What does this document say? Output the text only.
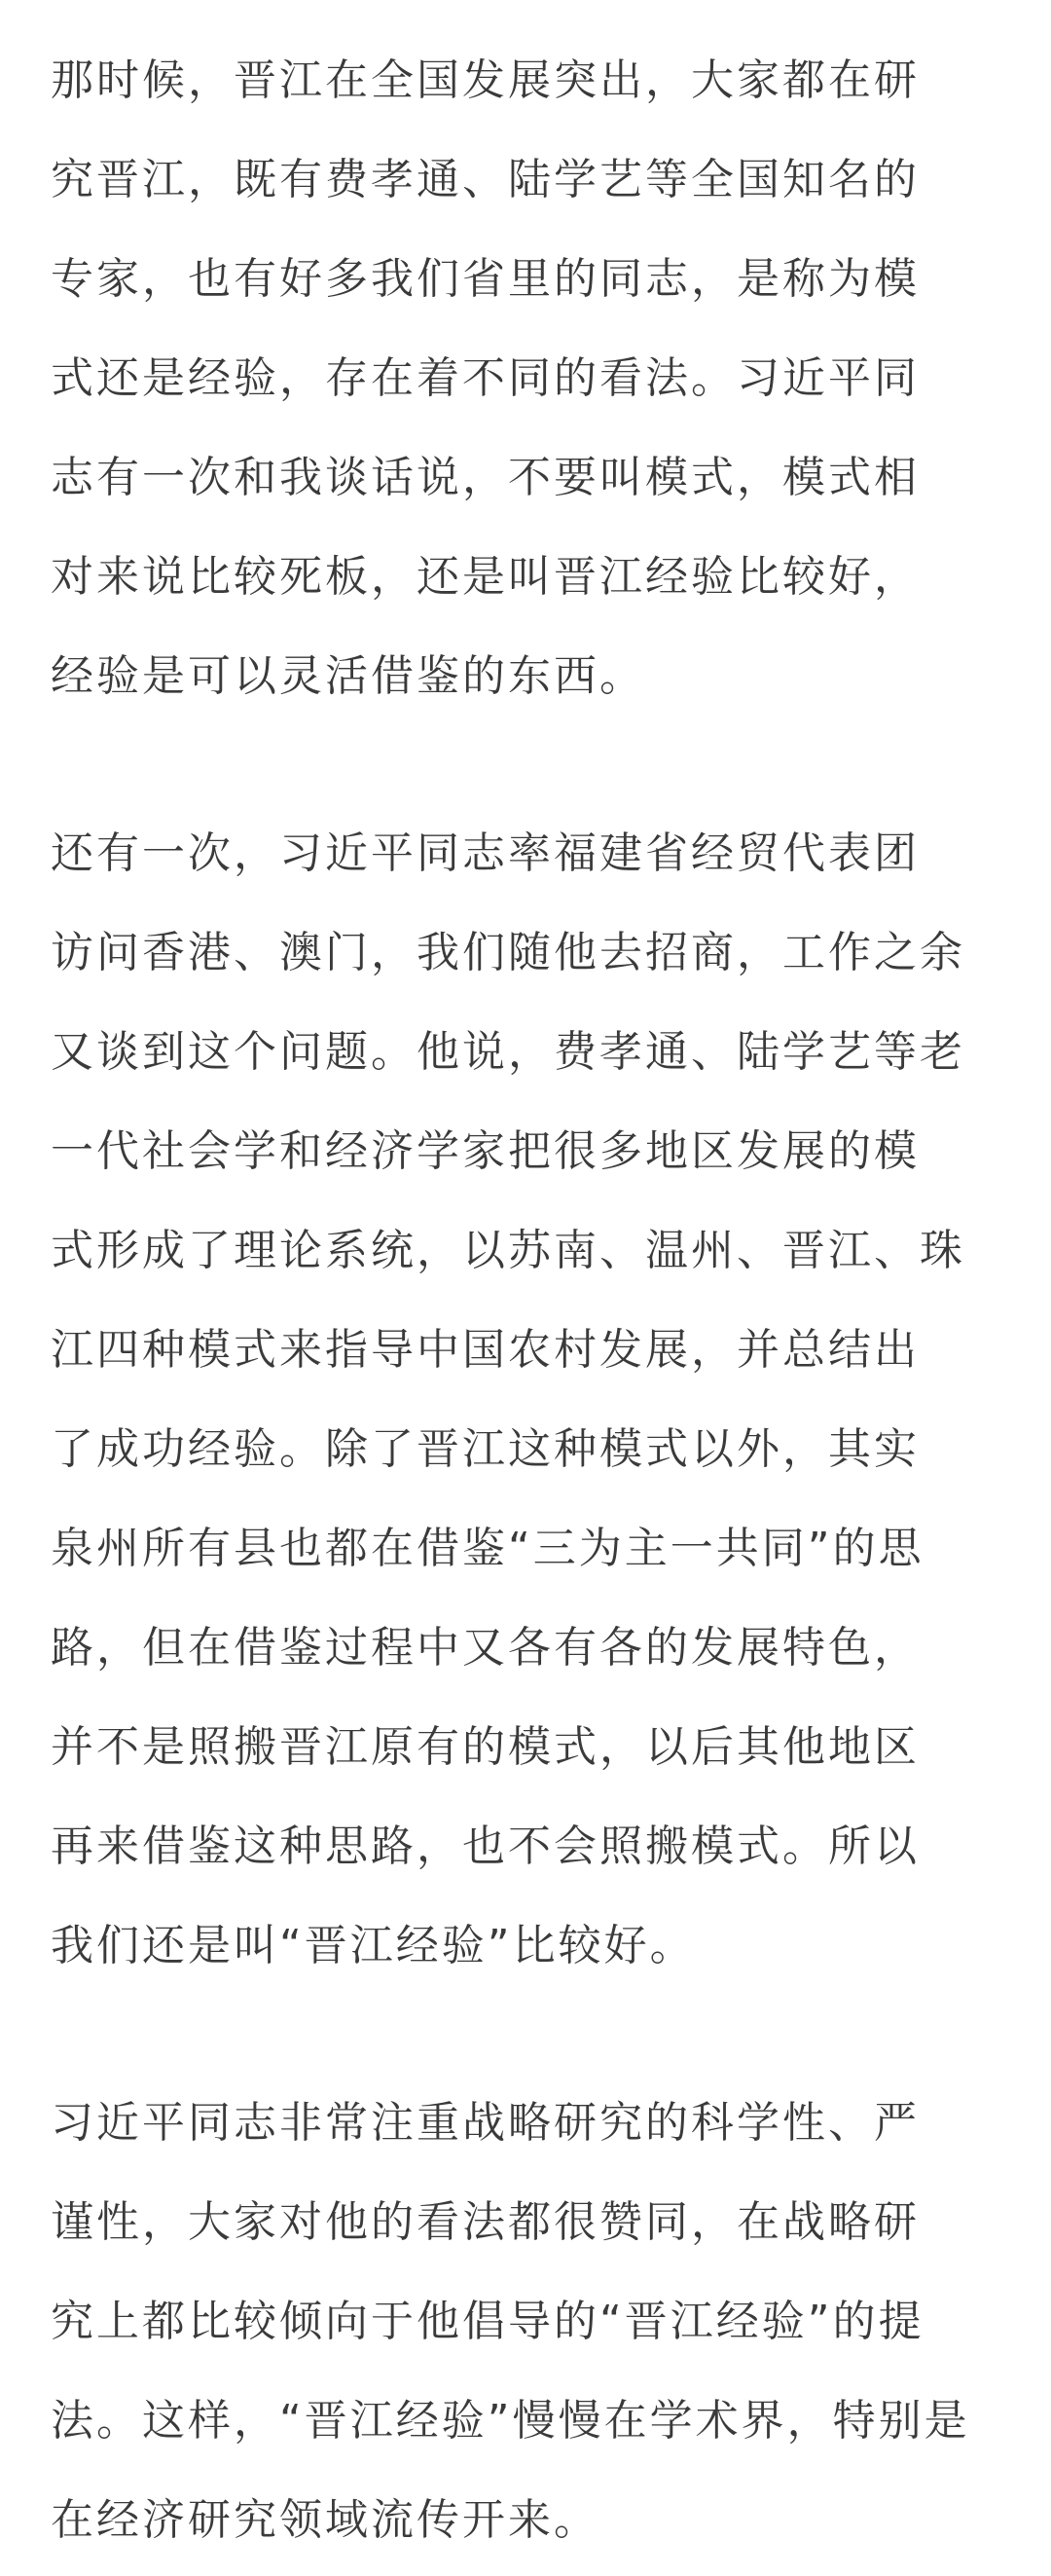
那时候，晋江在全国发展突出，大家都在研
究晋江，既有费孝通、陆学艺等全国知名的
专家，也有好多我们省里的同志，是称为模
式还是经验，存在着不同的看法。习近平同
志有一次和我谈话说，不要叫模式，模式相
对来说比较死板，还是叫晋江经验比较好，
经验是可以灵活借鉴的东西。

还有一次，习近平同志率福建省经贸代表团
访问香港、澳门，我们随他去招商，工作之余
又谈到这个问题。他说，费孝通、陆学艺等老
一代社会学和经济学家把很多地区发展的模
式形成了理论系统，以苏南、温州、晋江、珠
江四种模式来指导中国农村发展，并总结出
了成功经验。除了晋江这种模式以外，其实
泉州所有县也都在借鉴“三为主一共同”的思
路，但在借鉴过程中又各有各的发展特色，
并不是照搬晋江原有的模式，以后其他地区
再来借鉴这种思路，也不会照搬模式。所以
我们还是叫“晋江经验”比较好。

习近平同志非常注重战略研究的科学性、严
谨性，大家对他的看法都很赞同，在战略研
究上都比较倾向于他倡导的“晋江经验”的提
法。这样，“晋江经验”慢慢在学术界，特别是
在经济研究领域流传开来。
